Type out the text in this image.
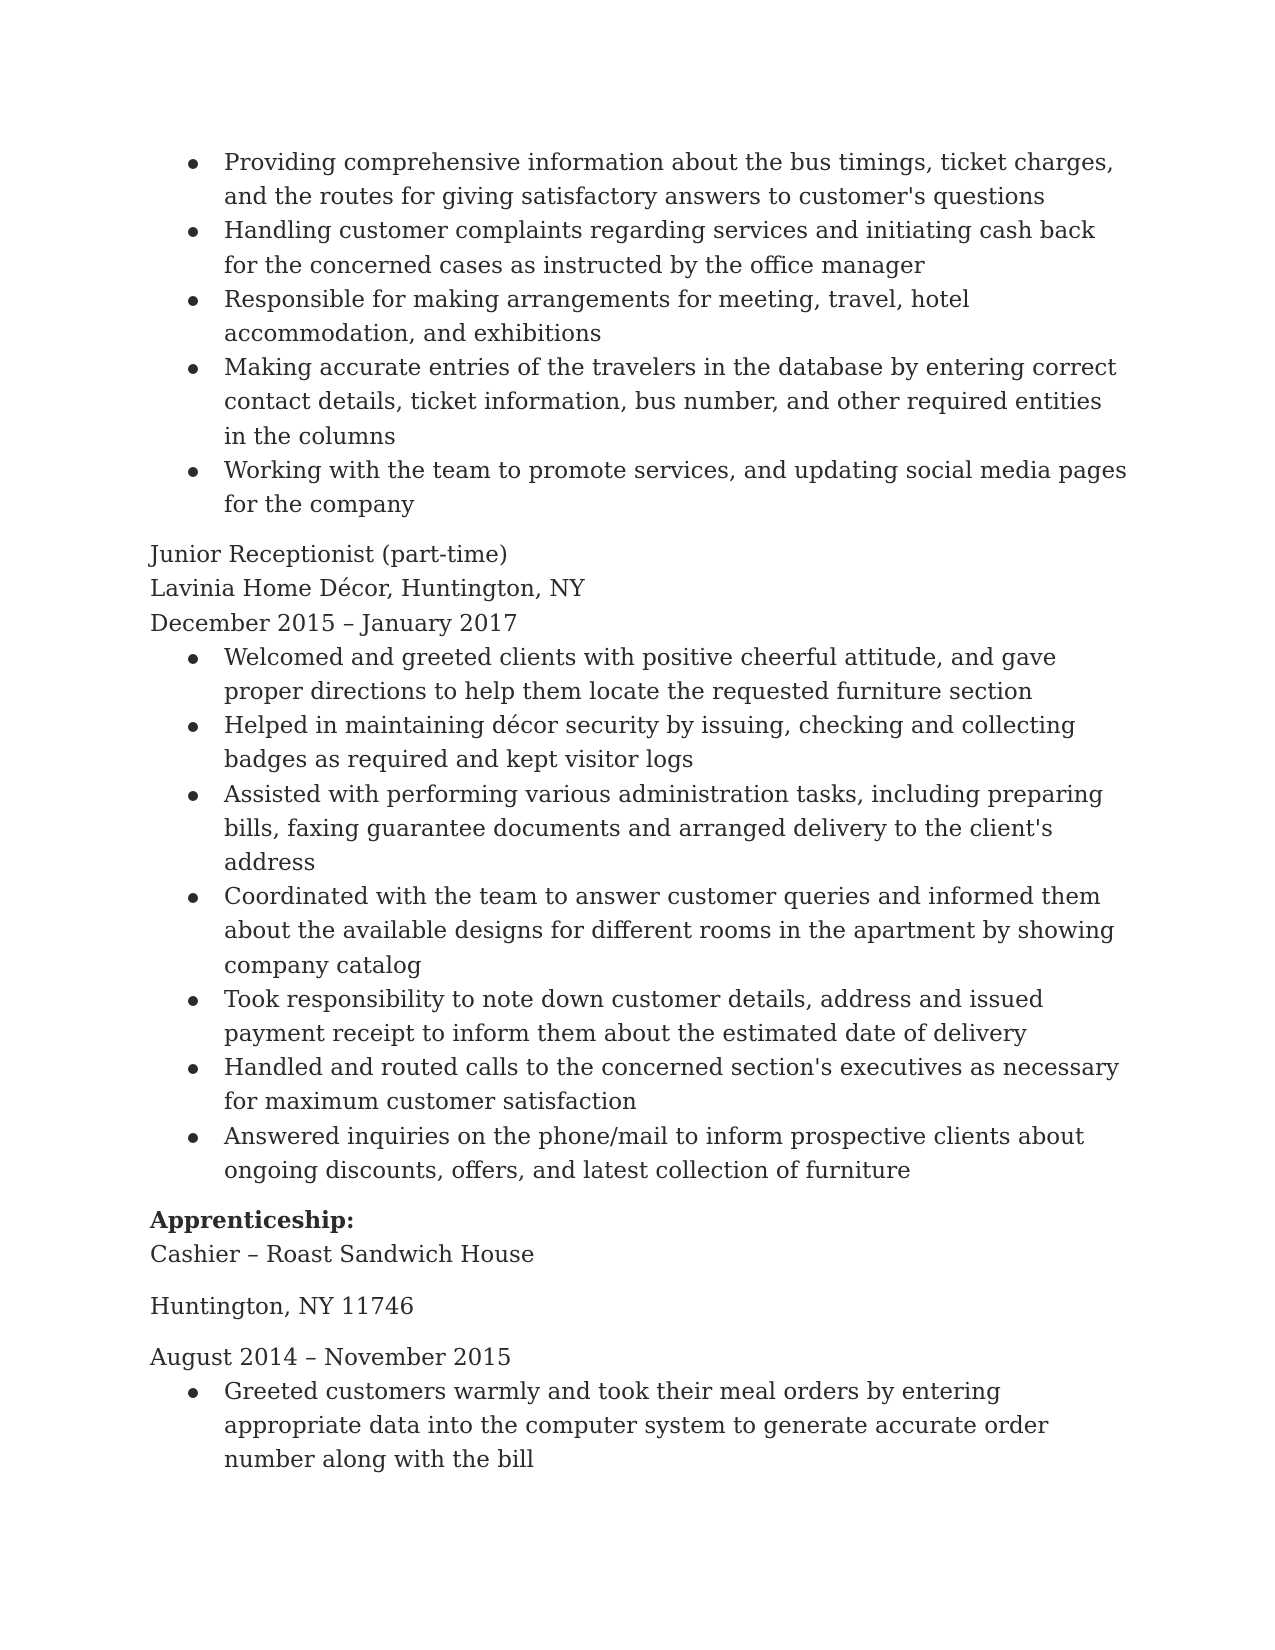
Providing comprehensive information about the bus timings, ticket charges, and the routes for giving satisfactory answers to customer's questions
Handling customer complaints regarding services and initiating cash back for the concerned cases as instructed by the office manager
Responsible for making arrangements for meeting, travel, hotel accommodation, and exhibitions
Making accurate entries of the travelers in the database by entering correct contact details, ticket information, bus number, and other required entities in the columns
Working with the team to promote services, and updating social media pages for the company
Junior Receptionist (part-time)
Lavinia Home Décor, Huntington, NY
December 2015 – January 2017
Welcomed and greeted clients with positive cheerful attitude, and gave proper directions to help them locate the requested furniture section
Helped in maintaining décor security by issuing, checking and collecting badges as required and kept visitor logs
Assisted with performing various administration tasks, including preparing bills, faxing guarantee documents and arranged delivery to the client's address
Coordinated with the team to answer customer queries and informed them about the available designs for different rooms in the apartment by showing company catalog
Took responsibility to note down customer details, address and issued payment receipt to inform them about the estimated date of delivery
Handled and routed calls to the concerned section's executives as necessary for maximum customer satisfaction
Answered inquiries on the phone/mail to inform prospective clients about ongoing discounts, offers, and latest collection of furniture
Apprenticeship:
Cashier – Roast Sandwich House
Huntington, NY 11746
August 2014 – November 2015
Greeted customers warmly and took their meal orders by entering appropriate data into the computer system to generate accurate order number along with the bill
